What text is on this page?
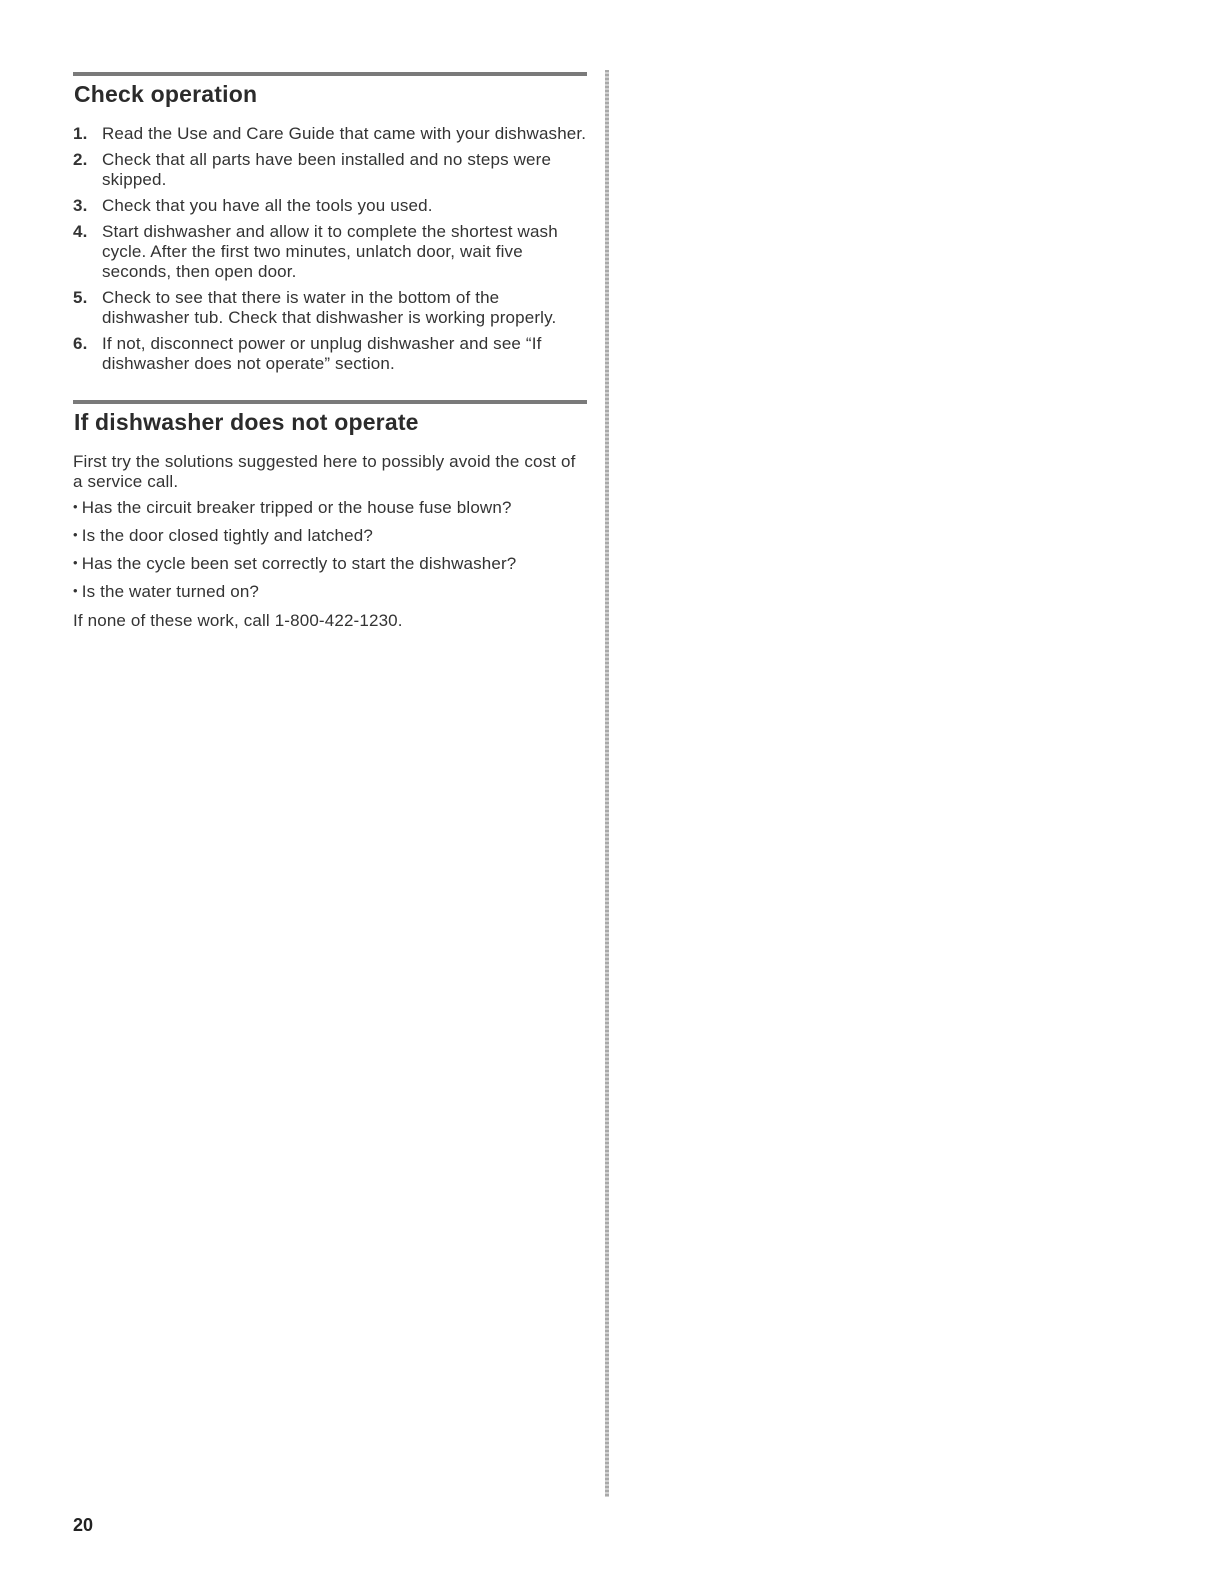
Check operation
1. Read the Use and Care Guide that came with your dishwasher.
2. Check that all parts have been installed and no steps were skipped.
3. Check that you have all the tools you used.
4. Start dishwasher and allow it to complete the shortest wash cycle. After the first two minutes, unlatch door, wait five seconds, then open door.
5. Check to see that there is water in the bottom of the dishwasher tub. Check that dishwasher is working properly.
6. If not, disconnect power or unplug dishwasher and see “If dishwasher does not operate” section.
If dishwasher does not operate

First try the solutions suggested here to possibly avoid the cost of a service call.

• Has the circuit breaker tripped or the house fuse blown?
• Is the door closed tightly and latched?
• Has the cycle been set correctly to start the dishwasher?
• Is the water turned on?

If none of these work, call 1-800-422-1230.

20
